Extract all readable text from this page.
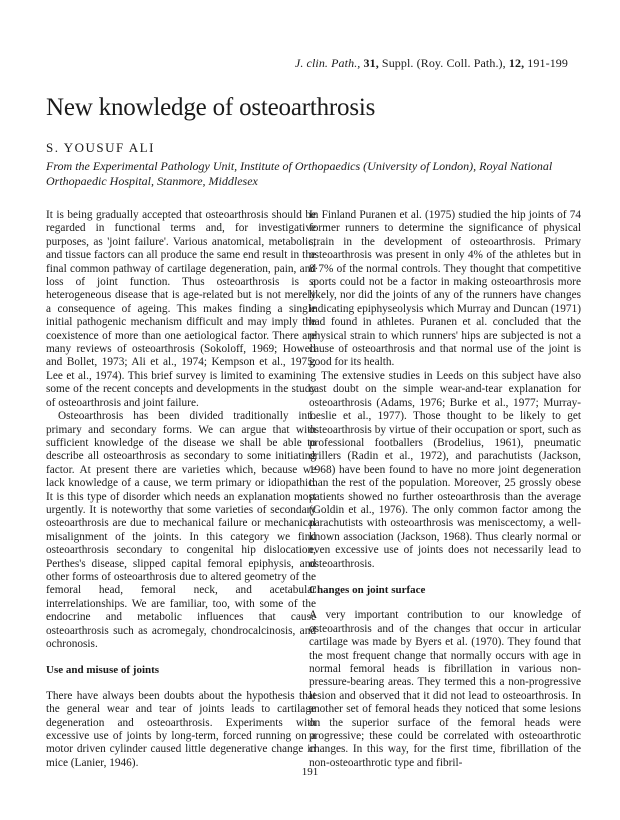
J. clin. Path., 31, Suppl. (Roy. Coll. Path.), 12, 191-199
New knowledge of osteoarthrosis

S. YOUSUF ALI

From the Experimental Pathology Unit, Institute of Orthopaedics (University of London), Royal National Orthopaedic Hospital, Stanmore, Middlesex

It is being gradually accepted that osteoarthrosis should be regarded in functional terms and, for investigative purposes, as 'joint failure'. Various anatomical, metabolic, and tissue factors can all produce the same end result in the final common pathway of cartilage degeneration, pain, and loss of joint function. Thus osteoarthrosis is a heterogeneous disease that is age-related but is not merely a consequence of ageing. This makes finding a single initial pathogenic mechanism difficult and may imply the coexistence of more than one aetiological factor. There are many reviews of osteoarthrosis (Sokoloff, 1969; Howell and Bollet, 1973; Ali et al., 1974; Kempson et al., 1975; Lee et al., 1974). This brief survey is limited to examining some of the recent concepts and developments in the study of osteoarthrosis and joint failure.

Osteoarthrosis has been divided traditionally into primary and secondary forms. We can argue that with sufficient knowledge of the disease we shall be able to describe all osteoarthrosis as secondary to some initiating factor. At present there are varieties which, because we lack knowledge of a cause, we term primary or idiopathic. It is this type of disorder which needs an explanation most urgently. It is noteworthy that some varieties of secondary osteoarthrosis are due to mechanical failure or mechanical misalignment of the joints. In this category we find osteoarthrosis secondary to congenital hip dislocation, Perthes's disease, slipped capital femoral epiphysis, and other forms of osteoarthrosis due to altered geometry of the femoral head, femoral neck, and acetabular interrelationships. We are familiar, too, with some of the endocrine and metabolic influences that cause osteoarthrosis such as acromegaly, chondrocalcinosis, and ochronosis.

Use and misuse of joints

There have always been doubts about the hypothesis that the general wear and tear of joints leads to cartilage degeneration and osteoarthrosis. Experiments with excessive use of joints by long-term, forced running on a motor driven cylinder caused little degenerative change in mice (Lanier, 1946).

In Finland Puranen et al. (1975) studied the hip joints of 74 former runners to determine the significance of physical strain in the development of osteoarthrosis. Primary osteoarthrosis was present in only 4% of the athletes but in 8·7% of the normal controls. They thought that competitive sports could not be a factor in making osteoarthrosis more likely, nor did the joints of any of the runners have changes indicating epiphyseolysis which Murray and Duncan (1971) had found in athletes. Puranen et al. concluded that the physical strain to which runners' hips are subjected is not a cause of osteoarthrosis and that normal use of the joint is good for its health.

The extensive studies in Leeds on this subject have also cast doubt on the simple wear-and-tear explanation for osteoarthrosis (Adams, 1976; Burke et al., 1977; Murray-Leslie et al., 1977). Those thought to be likely to get osteoarthrosis by virtue of their occupation or sport, such as professional footballers (Brodelius, 1961), pneumatic drillers (Radin et al., 1972), and parachutists (Jackson, 1968) have been found to have no more joint degeneration than the rest of the population. Moreover, 25 grossly obese patients showed no further osteoarthrosis than the average (Goldin et al., 1976). The only common factor among the parachutists with osteoarthrosis was meniscectomy, a well-known association (Jackson, 1968). Thus clearly normal or even excessive use of joints does not necessarily lead to osteoarthrosis.

Changes on joint surface

A very important contribution to our knowledge of osteoarthrosis and of the changes that occur in articular cartilage was made by Byers et al. (1970). They found that the most frequent change that normally occurs with age in normal femoral heads is fibrillation in various non-pressure-bearing areas. They termed this a non-progressive lesion and observed that it did not lead to osteoarthrosis. In another set of femoral heads they noticed that some lesions on the superior surface of the femoral heads were progressive; these could be correlated with osteoarthrotic changes. In this way, for the first time, fibrillation of the non-osteoarthrotic type and fibril-

191
